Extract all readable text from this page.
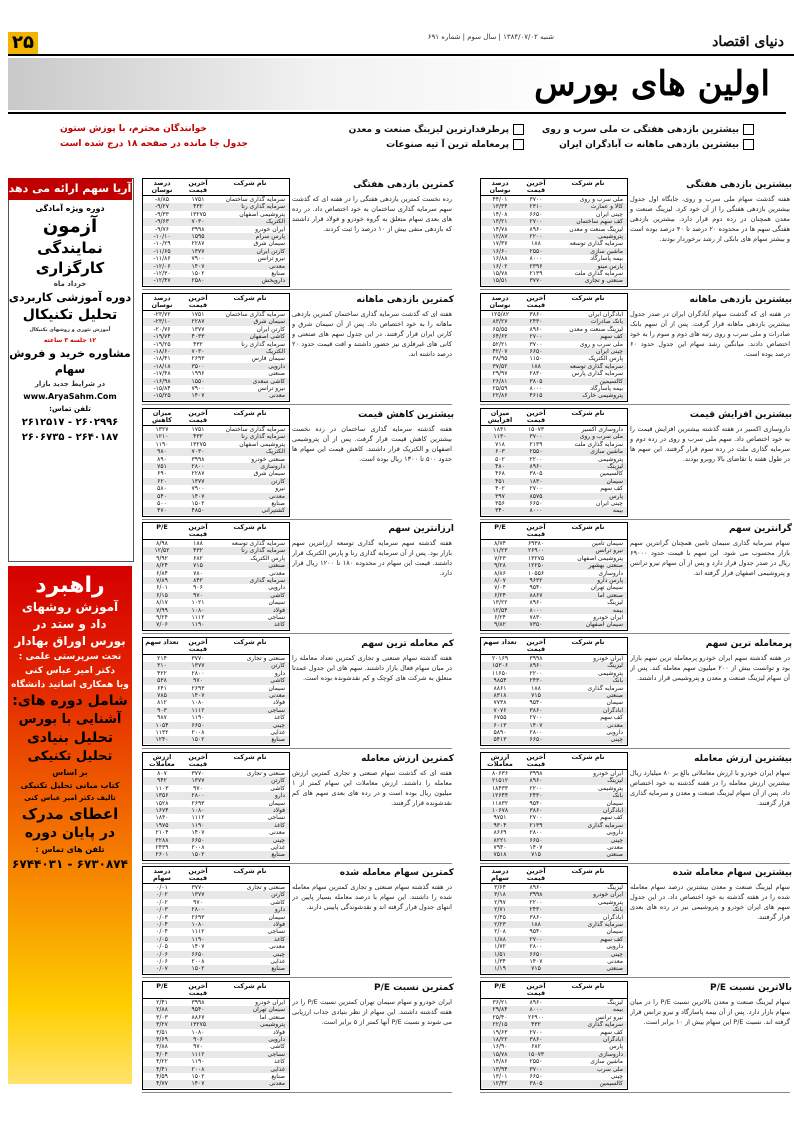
۲۵	دنیای اقتصاد
شنبه ۱۳۸۴/۰۷/۰۲ | سال سوم | شماره ۶۹۱
اولین های بورس
بیشترین بازدهی هفتگی ت ملی سرب و روی
پرطرفدارترین لیزینگ صنعت و معدن
بیشترین بازدهی ماهانه ت آبادگران ایران
پرمعامله ترین آ تیه صنوعات
خوانندگان محترم، با پوزش ستون
جدول جا مانده در صفحه ۱۸ درج شده است
آریا سهم ارائه می دهد
دوره ویژه آمادگی
آزمون
نمایندگی کارگزاری
خرداد ماه
دوره آموزشی کاربردی
تحلیل تکنیکال
آموزش تئوری و روشهای تکنیکال
۱۲ جلسه ۳ ساعته
مشاوره خرید و فروش سهام
در شرایط جدید بازار
www.AryaSahm.Com
تلفن تماس:
۲۶۰۲۹۹۶ - ۲۶۱۲۵۱۷
۲۶۴۰۱۸۷ - ۲۶۰۶۷۳۵
راهبرد
آموزش روشهای
داد و ستد در
بورس اوراق بهادار
تحت سرپرستی علمی :
دکتر امیر عباس کنی
وبا همکاری اساتید دانشگاه
شامل دوره های:
آشنایی با بورس
تحلیل بنیادی
تحلیل تکنیکی
بر اساس
کتاب مبانی تحلیل تکنیکی
تالیف دکتر امیر عباس کنی
اعطای مدرک
در پایان دوره
تلفن های تماس :
۶۷۳۰۸۷۴ - ۶۷۴۴۰۳۱
نام شرکت
آخرین قیمت
درصد نوسان
ملی سرب و روی
۳۷۰۰
۴۴/۰۱
کالا و عمارت
۲۳۱۰
۱۳/۳۴
چینی ایران
۶۶۵۰
۱۴/۰۸
کف سهم ساختمان
۲۷۰۰
۱۳/۲۱
لیزینگ صنعت و معدن
۸۹۶۰
۱۴/۷۸
پتروشیمی
۲۲۰۰
۱۲/۸۷
سرمایه گذاری توسعه
۱۸۸
۱۷/۳۷
ماشین سازی
۲۵۵۰
۱۶/۶۰
بیمه پاسارگاد
۸۰۰۰
۱۶/۸۸
پارس مینو
۲۳۹۶
۱۶/۰۲
سرمایه گذاری ملت
۲۱۳۹
۱۵/۷۸
صنعتی و تجاری
۳۷۷۰
۱۵/۵۱
بیشترین بازدهی هفتگی
هفته گذشت سهام ملی سرب و روی، جایگاه اول جدول بیشترین بازدهی هفتگی را از آن خود کرد. لیزینگ صنعت و معدن همچنان در رده دوم قرار دارد. بیشترین بازدهی هفتگی سهم ها در محدوده ۲۰ درصد تا ۴۰ درصد بوده است و بیشتر سهام های بانکی از رشد برخوردار بودند.
نام شرکت
آخرین قیمت
درصد نوسان
سرمایه گذاری ساختمان
۱۷۵۱
۸/۸۵-
سرمایه گذاری رنا
۴۳۲
۹/۲۷-
پتروشیمی اصفهان
۱۳۲۷۵
۹/۳۳-
الکتریک
۷۰۳۰
۹/۶۳-
ایران خودرو
۳۹۹۸
۹/۷۶-
پارس سرام
۱۵۹۵
۱۰/۱۰-
سیمان شرق
۲۲۸۷
۱۰/۲۹-
کارتن ایران
۱۳۷۷
۱۱/۶۵-
نیرو ترانس
۷۹۰۰
۱۱/۸۶-
معدنی
۱۴۰۷
۱۲/۰۶-
صنایع
۱۵۰۲
۱۲/۳۰-
داروپخش
۲۵۸۰
۱۲/۴۷-
کمترین بازدهی هفتگی
رده نخست کمترین بازدهی هفتگی را در هفته ای که گذشت سهم سرمایه گذاری ساختمان به خود اختصاص داد. در رده های بعدی سهام متعلق به گروه خودرو و فولاد قرار داشتند که بازدهی منفی بیش از ۱۰ درصد را ثبت کردند.
نام شرکت
آخرین قیمت
درصد نوسان
آبادگران ایران
۳۸۶۰
۱۲۵/۸۲
بانک صادرات
۲۴۳۰
۸۳/۲۷
لیزینگ صنعت و معدن
۸۹۶۰
۶۵/۵۵
کف سهم
۲۷۰۰
۶۴/۶۲
ملی سرب و روی
۳۷۰۰
۵۲/۲۱
چینی ایران
۶۶۵۰
۴۲/۰۷
پارس الکتریک
۱۱۵۰
۳۸/۹۵
سرمایه گذاری توسعه
۱۸۸
۳۷/۵۲
سرمایه گذاری پارس
۲۸۳۰
۲۹/۹۷
کالسیمین
۳۸۰۵
۲۶/۸۱
بیمه پاسارگاد
۸۰۰۰
۲۵/۵۹
پتروشیمی خارک
۴۶۱۵
۲۲/۸۶
بیشترین بازدهی ماهانه
در هفته ای که گذشت سهام آبادگران ایران در صدر جدول بیشترین بازدهی ماهانه قرار گرفت. پس از آن سهم بانک صادرات و ملی سرب و روی رتبه های دوم و سوم را به خود اختصاص دادند. میانگین رشد سهام این جدول حدود ۶۰ درصد بوده است.
نام شرکت
آخرین قیمت
درصد نوسان
سرمایه گذاری ساختمان
۱۷۵۱
۲۳/۷۲-
سیمان شرق
۲۲۸۷
۲۳/۱۰-
کارتن ایران
۱۳۷۷
۲۰/۷۶-
کاشی اصفهان
۴۰۳۳
۱۹/۷۴-
سرمایه گذاری رنا
۴۳۲
۱۹/۲۵-
الکتریک
۷۰۳۰
۱۸/۶۰-
سیمان فارس
۲۶۹۳
۱۸/۴۱-
دارویی
۳۵۰۰
۱۸/۱۸-
صنعتی
۱۹۹۶
۱۷/۴۸-
کاشی سعدی
۱۵۵۰
۱۶/۹۸-
نیرو ترانس
۷۹۰۰
۱۵/۸۴-
معدنی
۱۴۰۷
۱۵/۲۵-
کمترین بازدهی ماهانه
هفته ای که گذشت سرمایه گذاری ساختمان کمترین بازدهی ماهانه را به خود اختصاص داد. پس از آن سیمان شرق و کارتن ایران قرار گرفتند. در این جدول سهم های صنعتی و کانی های غیرفلزی نیز حضور داشتند و افت قیمت حدود ۲۰ درصد داشته اند.
نام شرکت
آخرین قیمت
میزان افزایش
داروسازی اکسیر
۱۵۰۷۳
۱۸۳۱
ملی سرب و روی
۳۷۰۰
۱۱۳۰
سرمایه گذاری ملت
۲۱۳۹
۷۱۸
ماشین سازی
۲۵۵۰
۶۰۳
پتروشیمی
۲۲۰۰
۵۰۲
لیزینگ
۸۹۶۰
۴۸۰
کالسیمین
۳۸۰۵
۴۶۸
سیمان
۱۸۳۰
۴۵۱
کف سهم
۲۷۰۰
۴۰۲
پارس
۸۵۷۵
۳۹۷
چینی ایران
۶۶۵۰
۳۵۶
بیمه
۸۰۰۰
۳۴۰
بیشترین افزایش قیمت
داروسازی اکسیر در هفته گذشته بیشترین افزایش قیمت را به خود اختصاص داد. سهم ملی سرب و روی در رده دوم و سرمایه گذاری ملت در رده سوم قرار گرفتند. این سهم ها در طول هفته با تقاضای بالا روبرو بودند.
نام شرکت
آخرین قیمت
میزان کاهش
سرمایه گذاری ساختمان
۱۷۵۱
۱۳۲۷
سرمایه گذاری رنا
۴۳۲
۱۲۱۰
پتروشیمی اصفهان
۱۳۲۷۵
۱۱۹۰
الکتریک
۷۰۳۰
۹۸۰
صنعتی خودرو
۳۹۹۸
۸۹۰
داروسازی
۲۸۰۰
۷۵۱
سیمان شرق
۲۲۸۷
۶۹۰
کارتن
۱۳۷۷
۶۲۰
نیرو
۷۹۰۰
۵۸۰
معدنی
۱۴۰۷
۵۴۰
صنایع
۱۵۰۲
۵۰۰
کشتیرانی
۴۸۵۰
۴۷۰
بیشترین کاهش قیمت
هفته گذشته سرمایه گذاری ساختمان در رده نخست بیشترین کاهش قیمت قرار گرفت. پس از آن پتروشیمی اصفهان و الکتریک قرار داشتند. کاهش قیمت این سهام ها حدود ۵۰۰ تا ۱۳۰۰ ریال بوده است.
نام شرکت
آخرین قیمت
P/E
سیمان تامین
۶۹۳۸۰
۸/۷۴
نیرو ترانس
۲۶۹۰۰
۱۱/۲۳
پتروشیمی اصفهان
۱۳۲۷۵
۷/۲۳
صنعتی بهشهر
۱۲۲۵۰
۹/۲۸
داروسازی
۱۰۵۵۶
۸/۸۶
پارس دارو
۹۶۳۲
۸/۰۷
سیمان تهران
۹۵۴۰
۷/۰۴
صنعتی آما
۸۸۶۷
۶/۲۴
لیزینگ
۸۹۶۰
۱۳/۲۲
بیمه
۸۰۰۰
۱۲/۵۴
ایران خودرو
۷۸۳۰
۶/۲۴
سیمان اصفهان
۷۳۵۰
۹/۸۲
گرانترین سهم
سهام سرمایه گذاری سیمان تامین همچنان گرانترین سهم بازار محسوب می شود. این سهم با قیمت حدود ۶۹۰۰۰ ریال در صدر جدول قرار دارد و پس از آن سهام نیرو ترانس و پتروشیمی اصفهان قرار گرفته اند.
نام شرکت
آخرین قیمت
P/E
سرمایه گذاری توسعه
۱۸۸
۸/۹۸
سرمایه گذاری رنا
۴۳۲
۱۲/۵۲
پارس الکتریک
۶۸۲
۹/۹۲
صنعتی
۷۱۵
۸/۲۴
معدنی
۷۸۰
۶/۸۴
سرمایه گذاری
۸۴۲
۷/۸۹
دارویی
۹۰۶
۶/۰۱
کاشی
۹۷۰
۶/۱۵
سیمان
۱۰۲۱
۸/۱۷
فولاد
۱۰۸۰
۷/۹۹
نساجی
۱۱۱۲
۹/۲۴
کاغذ
۱۱۹۰
۷/۰۶
ارزانترین سهم
هفته گذشته سهم سرمایه گذاری توسعه ارزانترین سهم بازار بود. پس از آن سرمایه گذاری رنا و پارس الکتریک قرار داشتند. قیمت این سهام در محدوده ۱۸۰ تا ۱۲۰۰ ریال قرار دارد.
نام شرکت
آخرین قیمت
تعداد سهم
ایران خودرو
۳۹۹۸
۲۰۱۶۹
لیزینگ
۸۹۶۰
۱۵۳۰۶
پتروشیمی
۲۲۰۰
۱۱۶۵۰
بانک
۲۴۳۰
۹۸۵۴
سرمایه گذاری
۱۸۸
۸۸۶۱
صنعتی
۷۱۵
۸۳۱۸
سیمان
۹۵۴۰
۷۷۳۸
آبادگران
۳۸۶۰
۷۰۷۶
کف سهم
۲۷۰۰
۶۷۵۵
معدنی
۱۴۰۷
۶۰۱۳
دارویی
۲۸۰۰
۵۸۹۰
چینی
۶۶۵۰
۵۴۱۳
پرمعامله ترین سهم
در هفته گذشته سهم ایران خودرو پرمعامله ترین سهم بازار بود و توانست بیش از ۲۰۰ میلیون سهم معامله کند. پس از آن سهام لیزینگ صنعت و معدن و پتروشیمی قرار داشتند.
نام شرکت
آخرین قیمت
تعداد سهم
صنعتی و تجاری
۳۷۷۰
۲۱۴
کارتن
۱۳۷۷
۳۱۰
دارو
۲۸۰۰
۴۲۲
کاشی
۹۷۰
۵۳۸
سیمان
۲۶۹۳
۶۴۱
معدنی
۱۴۰۷
۷۸۵
فولاد
۱۰۸۰
۸۱۲
نساجی
۱۱۱۲
۹۰۳
کاغذ
۱۱۹۰
۹۸۷
چینی
۶۶۵۰
۱۰۵۴
غذایی
۲۰۰۸
۱۱۳۲
صنایع
۱۵۰۲
۱۲۴۰
کم معامله ترین سهم
هفته گذشته سهام صنعتی و تجاری کمترین تعداد معامله را در میان سهام فعال بازار داشتند. سهم های این جدول عمدتا متعلق به شرکت های کوچک و کم نقدشونده بوده است.
نام شرکت
آخرین قیمت
ارزش معاملات
ایران خودرو
۳۹۹۸
۸۰۶۳۶
لیزینگ
۸۹۶۰
۲۱۵۱۲
پتروشیمی
۲۲۰۰
۱۸۴۳۳
بانک
۲۴۳۰
۱۲۶۴۴
سیمان
۹۵۴۰
۱۱۸۳۲
آبادگران
۳۸۶۰
۱۰۶۷۸
کف سهم
۲۷۰۰
۹۷۵۱
سرمایه گذاری
۲۱۳۹
۹۳۰۴
دارویی
۲۸۰۰
۸۶۶۹
چینی
۶۶۵۰
۸۲۲۱
معدنی
۱۴۰۷
۷۹۴۰
صنعتی
۷۱۵
۷۵۱۸
بیشترین ارزش معامله
سهام ایران خودرو با ارزش معاملاتی بالغ بر ۸۰ میلیارد ریال بیشترین ارزش معامله را در هفته گذشته به خود اختصاص داد. پس از آن سهام لیزینگ صنعت و معدن و سرمایه گذاری قرار گرفتند.
نام شرکت
آخرین قیمت
ارزش معاملات
صنعتی و تجاری
۳۷۷۰
۸۰۷
کارتن
۱۳۷۷
۹۴۲
کاشی
۹۷۰
۱۱۰۳
دارو
۲۸۰۰
۱۳۵۶
سیمان
۲۶۹۳
۱۵۲۸
فولاد
۱۰۸۰
۱۶۷۴
نساجی
۱۱۱۲
۱۸۳۰
کاغذ
۱۱۹۰
۱۹۷۵
معدنی
۱۴۰۷
۲۱۰۴
چینی
۶۶۵۰
۲۲۸۸
غذایی
۲۰۰۸
۲۴۳۹
صنایع
۱۵۰۲
۲۶۰۱
کمترین ارزش معامله
هفته ای که گذشت سهام صنعتی و تجاری کمترین ارزش معامله را داشتند. ارزش معاملات این سهام کمتر از ۱ میلیون ریال بوده است و در رده های بعدی سهم های کم نقدشونده قرار گرفتند.
نام شرکت
آخرین قیمت
درصد سهام
لیزینگ
۸۹۶۰
۳/۶۴
ایران خودرو
۳۹۹۸
۳/۱۸
پتروشیمی
۲۲۰۰
۲/۹۷
بانک
۲۴۳۰
۲/۷۱
آبادگران
۳۸۶۰
۲/۴۵
سرمایه گذاری
۱۸۸
۲/۲۳
سیمان
۹۵۴۰
۲/۰۸
کف سهم
۲۷۰۰
۱/۸۸
دارویی
۲۸۰۰
۱/۷۲
چینی
۶۶۵۰
۱/۵۱
معدنی
۱۴۰۷
۱/۳۴
صنعتی
۷۱۵
۱/۱۹
بیشترین سهام معامله شده
سهام لیزینگ صنعت و معدن بیشترین درصد سهام معامله شده را در هفته گذشته به خود اختصاص داد. در این جدول سهم های ایران خودرو و پتروشیمی نیز در رده های بعدی قرار گرفتند.
نام شرکت
آخرین قیمت
درصد سهام
صنعتی و تجاری
۳۷۷۰
۰/۰۱
کارتن
۱۳۷۷
۰/۰۲
کاشی
۹۷۰
۰/۰۲
دارو
۲۸۰۰
۰/۰۳
سیمان
۲۶۹۳
۰/۰۳
فولاد
۱۰۸۰
۰/۰۴
نساجی
۱۱۱۲
۰/۰۴
کاغذ
۱۱۹۰
۰/۰۵
معدنی
۱۴۰۷
۰/۰۵
چینی
۶۶۵۰
۰/۰۶
غذایی
۲۰۰۸
۰/۰۶
صنایع
۱۵۰۲
۰/۰۷
کمترین سهام معامله شده
در هفته گذشته سهام صنعتی و تجاری کمترین سهام معامله شده را داشتند. این سهام با درصد معامله بسیار پایین در انتهای جدول قرار گرفته اند و نقدشوندگی پایینی دارند.
نام شرکت
آخرین قیمت
P/E
لیزینگ
۸۹۶۰
۳۶/۲۱
بیمه
۸۰۰۰
۲۹/۸۴
نیرو ترانس
۲۶۹۰۰
۲۵/۴۰
سرمایه گذاری
۴۳۲
۲۲/۱۵
کف سهم
۲۷۰۰
۱۹/۶۳
آبادگران
۳۸۶۰
۱۸/۲۲
پارس
۶۸۲
۱۶/۹۰
داروسازی
۱۵۰۷۳
۱۵/۷۸
ماشین سازی
۲۵۵۰
۱۴/۸۶
ملی سرب
۳۷۰۰
۱۳/۹۴
چینی
۶۶۵۰
۱۳/۰۱
کالسیمین
۳۸۰۵
۱۲/۴۲
بالاترین نسبت P/E
سهام لیزینگ صنعت و معدن بالاترین نسبت P/E را در میان سهام بازار دارد. پس از آن بیمه پاسارگاد و نیرو ترانس قرار گرفته اند. نسبت P/E این سهام بیش از ۱۰ برابر است.
نام شرکت
آخرین قیمت
P/E
ایران خودرو
۳۹۹۸
۲/۴۱
سیمان تهران
۹۵۴۰
۲/۸۸
صنعتی آما
۸۸۶۷
۳/۰۳
پتروشیمی
۱۳۲۷۵
۳/۲۷
فولاد
۱۰۸۰
۳/۵۱
دارویی
۹۰۶
۳/۶۹
کاشی
۹۷۰
۳/۸۸
نساجی
۱۱۱۲
۴/۰۴
کاغذ
۱۱۹۰
۴/۲۲
غذایی
۲۰۰۸
۴/۴۱
صنایع
۱۵۰۲
۴/۵۹
معدنی
۱۴۰۷
۴/۷۷
کمترین نسبت P/E
ایران خودرو و سهام سیمان تهران کمترین نسبت P/E را در هفته گذشته داشتند. این سهام از نظر بنیادی جذاب ارزیابی می شوند و نسبت P/E آنها کمتر از ۵ برابر است.
